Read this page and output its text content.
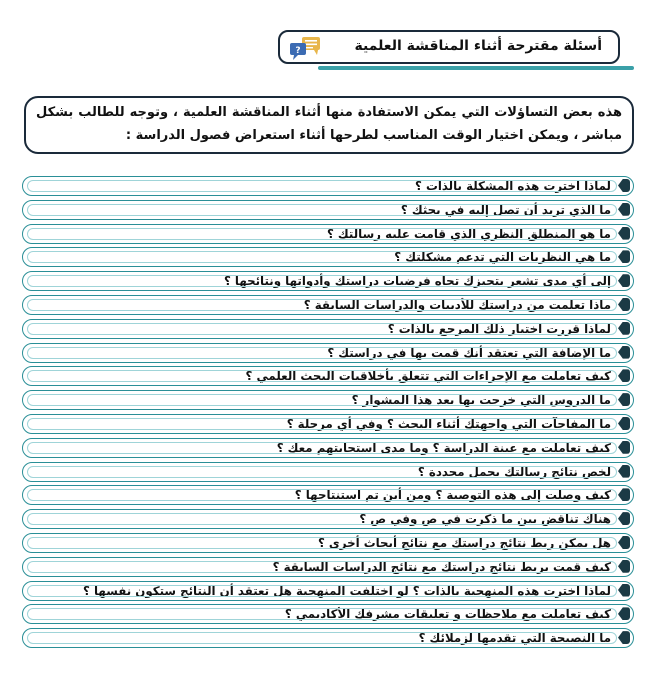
?	أسئلة مقترحة أثناء المناقشة العلمية
هذه بعض التساؤلات التي يمكن الاستفادة منها أثناء المناقشة العلمية ، وتوجه للطالب بشكل مباشر ، ويمكن اختيار الوقت المناسب لطرحها أثناء استعراض فصول الدراسة :
لماذا اخترت هذه المشكلة بالذات ؟
ما الذي تريد أن تصل إليه في بحثك ؟
ما هو المنطلق النظري الذي قامت عليه رسالتك ؟
ما هي النظريات التي تدعم مشكلتك ؟
إلى أي مدى تشعر بتحيزك تجاه فرضيات دراستك وأدواتها ونتائجها ؟
ماذا تعلمت من دراستك للأدبيات والدراسات السابقة ؟
لماذا قررت اختيار ذلك المرجع بالذات ؟
ما الإضافة التي تعتقد أنك قمت بها في دراستك ؟
كيف تعاملت مع الإجراءات التي تتعلق بأخلاقيات البحث العلمي ؟
ما الدروس التي خرجت بها بعد هذا المشوار ؟
ما المفاجآت التي واجهتك أثناء البحث ؟ وفي أي مرحلة ؟
كيف تعاملت مع عينة الدراسة ؟ وما مدى استجابتهم معك ؟
لخص نتائج رسالتك بجمل محددة ؟
كيف وصلت إلى هذه التوصية ؟ ومن أين تم استنتاجها ؟
هناك تناقض بين ما ذكرت في ص وفي ص ؟
هل يمكن ربط نتائج دراستك مع نتائج أبحاث أخرى ؟
كيف قمت بربط نتائج دراستك مع نتائج الدراسات السابقة ؟
لماذا اخترت هذه المنهجية بالذات ؟ لو اختلفت المنهجية هل تعتقد أن النتائج ستكون نفسها ؟
كيف تعاملت مع ملاحظات و تعليقات مشرفك الأكاديمي ؟
ما النصيحة التي تقدمها لزملائك ؟
